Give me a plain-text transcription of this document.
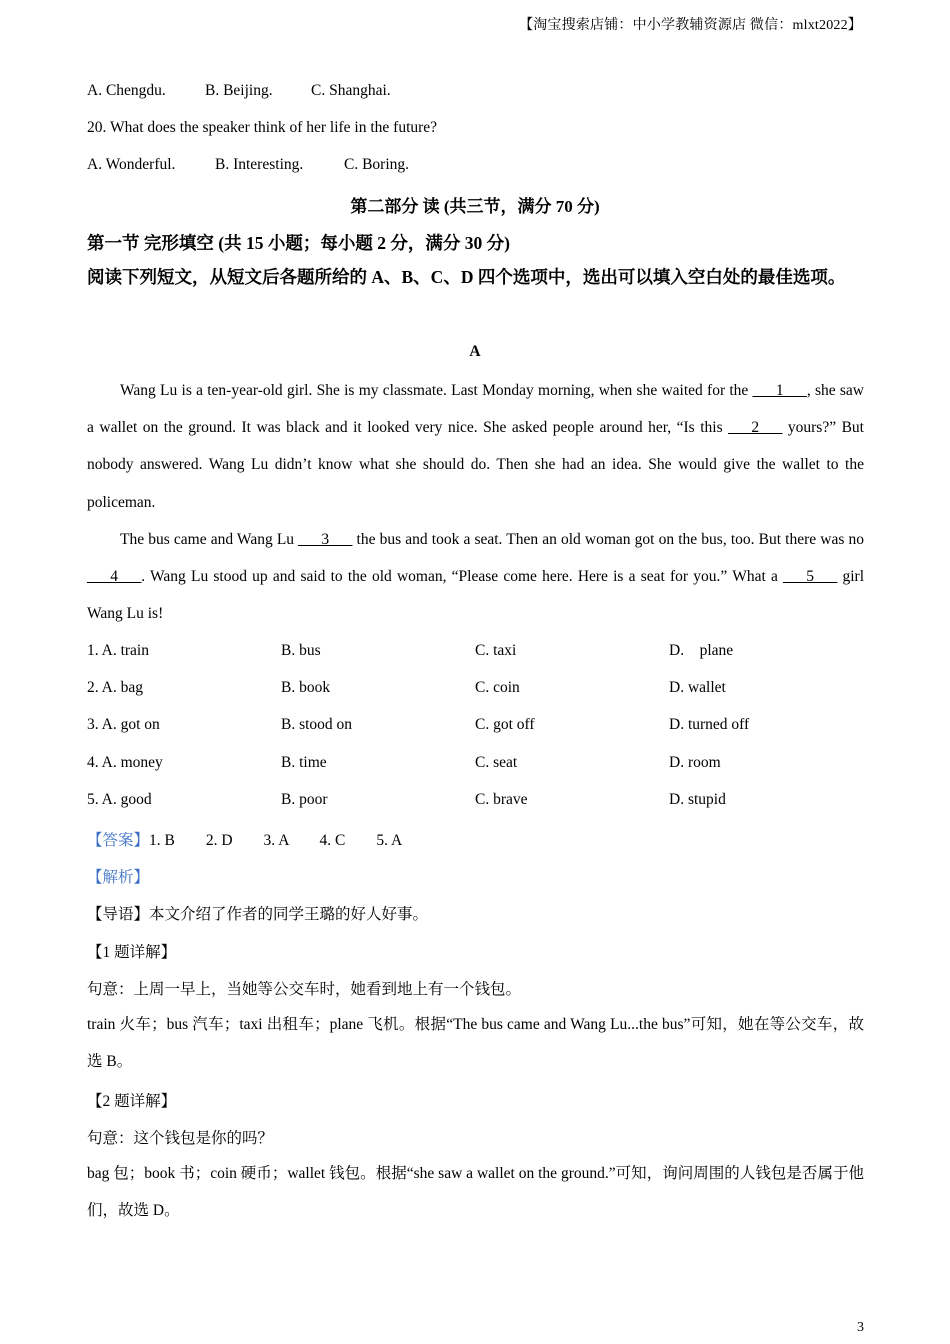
【淘宝搜索店铺：中小学教辅资源店 微信：mlxt2022】
A. Chengdu.	B. Beijing. C. Shanghai.
20. What does the speaker think of her life in the future?
A. Wonderful.	B. Interesting.	C. Boring.
第二部分 读 (共三节，满分 70 分)
第一节 完形填空 (共 15 小题；每小题 2 分，满分 30 分)
阅读下列短文，从短文后各题所给的 A、B、C、D 四个选项中，选出可以填入空白处的最佳选项。
A
Wang Lu is a ten-year-old girl. She is my classmate. Last Monday morning, when she waited for the ___1___, she saw a wallet on the ground. It was black and it looked very nice. She asked people around her, “Is this ___2___ yours?” But nobody answered. Wang Lu didn’t know what she should do. Then she had an idea. She would give the wallet to the policeman.
The bus came and Wang Lu ___3___ the bus and took a seat. Then an old woman got on the bus, too. But there was no ___4___. Wang Lu stood up and said to the old woman, “Please come here. Here is a seat for you.” What a ___5___ girl Wang Lu is!
1. A. train	B. bus	C. taxi	D.    plane
2. A. bag	B. book	C. coin	D. wallet
3. A. got on	B. stood on	C. got off	D. turned off
4. A. money	B. time	C. seat	D. room
5. A. good	B. poor	C. brave	D. stupid
【答案】1. B        2. D        3. A        4. C        5. A
【解析】
【导语】本文介绍了作者的同学王璐的好人好事。
【1 题详解】
句意：上周一早上，当她等公交车时，她看到地上有一个钱包。
train 火车；bus 汽车；taxi 出租车；plane 飞机。根据“The bus came and Wang Lu...the bus”可知，她在等公交车，故选 B。
【2 题详解】
句意：这个钱包是你的吗？
bag 包；book 书；coin 硬币；wallet 钱包。根据“she saw a wallet on the ground.”可知，询问周围的人钱包是否属于他们，故选 D。
3
